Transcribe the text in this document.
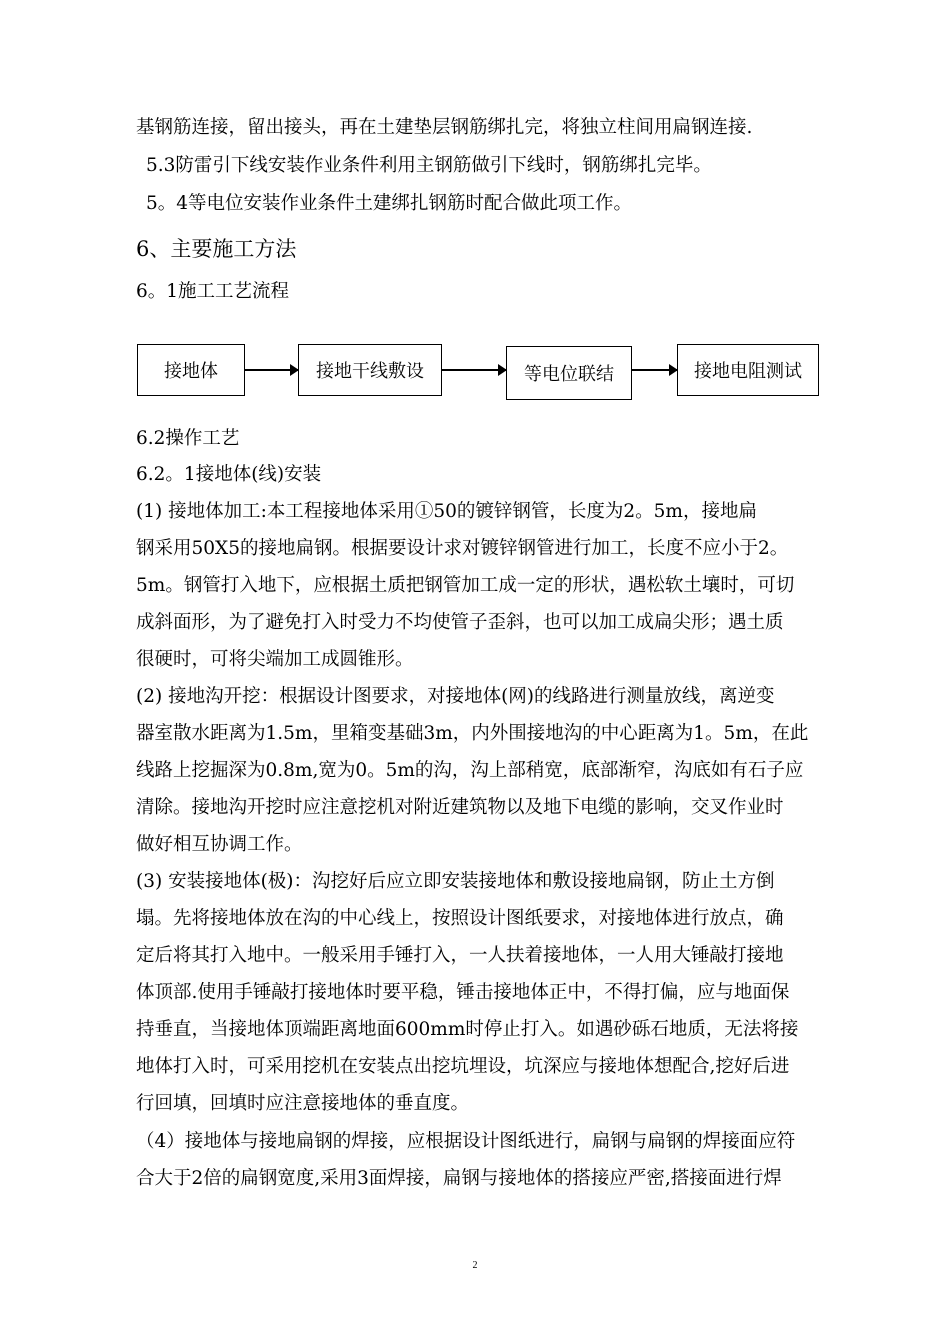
基钢筋连接，留出接头，再在土建垫层钢筋绑扎完，将独立柱间用扁钢连接.
5.3防雷引下线安装作业条件利用主钢筋做引下线时，钢筋绑扎完毕。
5。4等电位安装作业条件土建绑扎钢筋时配合做此项工作。
6、主要施工方法
6。1施工工艺流程
接地体	接地干线敷设	等电位联结	接地电阻测试
6.2操作工艺
6.2。1接地体(线)安装
(1) 接地体加工:本工程接地体采用①50的镀锌钢管，长度为2。5m，接地扁
钢采用50X5的接地扁钢。根据要设计求对镀锌钢管进行加工，长度不应小于2。
5m。钢管打入地下，应根据土质把钢管加工成一定的形状，遇松软土壤时，可切
成斜面形，为了避免打入时受力不均使管子歪斜，也可以加工成扁尖形；遇土质
很硬时，可将尖端加工成圆锥形。
(2) 接地沟开挖：根据设计图要求，对接地体(网)的线路进行测量放线，离逆变
器室散水距离为1.5m，里箱变基础3m，内外围接地沟的中心距离为1。5m，在此
线路上挖掘深为0.8m,宽为0。5m的沟，沟上部稍宽，底部渐窄，沟底如有石子应
清除。接地沟开挖时应注意挖机对附近建筑物以及地下电缆的影响，交叉作业时
做好相互协调工作。
(3) 安装接地体(极)：沟挖好后应立即安装接地体和敷设接地扁钢，防止土方倒
塌。先将接地体放在沟的中心线上，按照设计图纸要求，对接地体进行放点，确
定后将其打入地中。一般采用手锤打入，一人扶着接地体，一人用大锤敲打接地
体顶部.使用手锤敲打接地体时要平稳，锤击接地体正中，不得打偏，应与地面保
持垂直，当接地体顶端距离地面600mm时停止打入。如遇砂砾石地质，无法将接
地体打入时，可采用挖机在安装点出挖坑埋设，坑深应与接地体想配合,挖好后进
行回填，回填时应注意接地体的垂直度。
（4）接地体与接地扁钢的焊接，应根据设计图纸进行，扁钢与扁钢的焊接面应符
合大于2倍的扁钢宽度,采用3面焊接，扁钢与接地体的搭接应严密,搭接面进行焊
2
